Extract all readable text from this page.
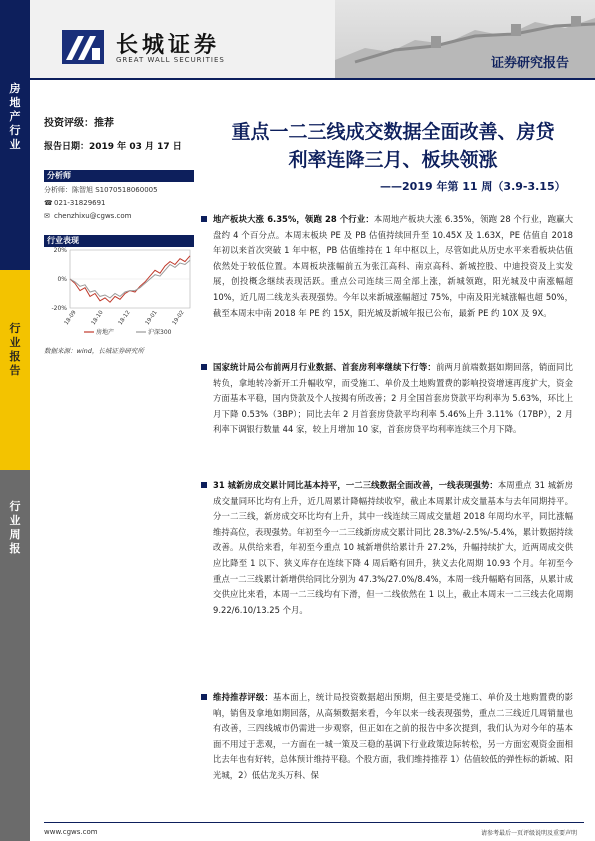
房
地
产
行
业
行
业
报
告
行
业
周
报
长城证券
GREAT WALL SECURITIES	证券研究报告
投资评级：推荐
报告日期：2019 年 03 月 17 日
分析师
分析师：陈智旭 S1070518060005
☎021-31829691
✉ chenzhixu@cgws.com
行业表现
20%
0%
-20%
18-09 18-10 18-12 19-01 19-02
房地产	沪深300
数据来源：wind，长城证券研究所
重点一二三线成交数据全面改善、房贷
利率连降三月、板块领涨
——2019 年第 11 周（3.9-3.15）
地产板块大涨 6.35%，领跑 28 个行业：本周地产板块大涨 6.35%，领跑 28 个行业，跑赢大盘约 4 个百分点。本周末板块 PE 及 PB 估值持续回升至 10.45X 及 1.63X，PE 估值自 2018 年初以来首次突破 1 年中枢，PB 估值维持在 1 年中枢以上，尽管如此从历史水平来看板块估值依然处于较低位置。本周板块涨幅前五为张江高科、南京高科、新城控股、中迪投资及上实发展，创投概念继续表现活跃。重点公司连续三周全部上涨，新城领跑，阳光城及中南涨幅超 10%，近几周二线龙头表现强势。今年以来新城涨幅超过 75%，中南及阳光城涨幅也超 50%，截至本周末中南 2018 年 PE 约 15X，阳光城及新城年报已公布，最新 PE 约 10X 及 9X。
国家统计局公布前两月行业数据、首套房利率继续下行等：前两月前端数据如期回落，销面同比转负，拿地转冷新开工升幅收窄，而受施工、单价及土地购置费的影响投资增速再度扩大，资金方面基本平稳，国内贷款及个人按揭有所改善；2 月全国首套房贷款平均利率为 5.63%，环比上月下降 0.53%（3BP）；同比去年 2 月首套房贷款平均利率 5.46%上升 3.11%（17BP），2 月利率下调银行数量 44 家，较上月增加 10 家，首套房贷平均利率连续三个月下降。
31 城新房成交累计同比基本持平，一二三线数据全面改善，一线表现强势：本周重点 31 城新房成交量同环比均有上升，近几周累计降幅持续收窄，截止本周累计成交量基本与去年同期持平。分一二三线，新房成交环比均有上升，其中一线连续三周成交量超 2018 年周均水平，同比涨幅维持高位，表现强势。年初至今一二三线新房成交累计同比 28.3%/-2.5%/-5.4%，累计数据持续改善。从供给来看，年初至今重点 10 城新增供给累计升 27.2%，升幅持续扩大，近两周成交供应比降至 1 以下、狭义库存在连续下降 4 周后略有回升，狭义去化周期 10.93 个月。年初至今重点一二三线累计新增供给同比分别为 47.3%/27.0%/8.4%，本周一线升幅略有回落，从累计成交供应比来看，本周一二三线均有下滑，但一二线依然在 1 以上，截止本周末一二三线去化周期 9.22/6.10/13.25 个月。
维持推荐评级：基本面上，统计局投资数据超出预期，但主要是受施工、单价及土地购置费的影响，销售及拿地如期回落，从高频数据来看，今年以来一线表现强势，重点二三线近几周销量也有改善，三四线城市仍需进一步观察，但正如在之前的报告中多次提到，我们认为对今年的基本面不用过于悲观，一方面在一城一策及三稳的基调下行业政策边际转松，另一方面宏观资金面相比去年也有好转，总体预计维持平稳。个股方面，我们维持推荐 1）估值较低的弹性标的新城、阳光城，2）低估龙头万科、保
www.cgws.com	请参考最后一页评级说明及重要声明
